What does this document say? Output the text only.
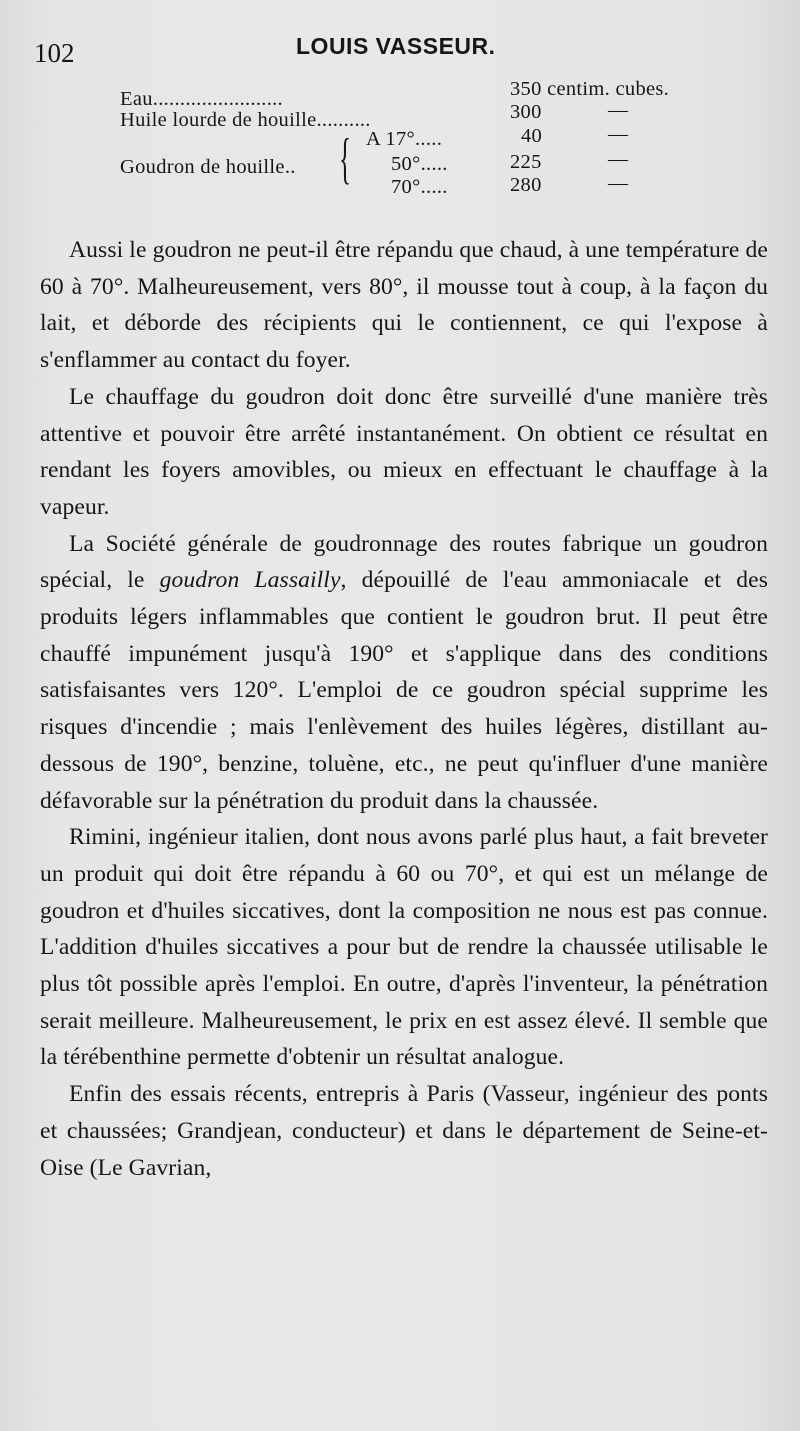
102	LOUIS VASSEUR.
Eau........................	350 centim. cubes.
Huile lourde de houille..........	300	—
Goudron de houille.. { A 17°.....	40	—
50°.....	225	—
70°.....	280	—

Aussi le goudron ne peut-il être répandu que chaud, à une température de 60 à 70°. Malheureusement, vers 80°, il mousse tout à coup, à la façon du lait, et déborde des récipients qui le contiennent, ce qui l'expose à s'enflammer au contact du foyer.

Le chauffage du goudron doit donc être surveillé d'une manière très attentive et pouvoir être arrêté instantanément. On obtient ce résultat en rendant les foyers amovibles, ou mieux en effectuant le chauffage à la vapeur.

La Société générale de goudronnage des routes fabrique un goudron spécial, le goudron Lassailly, dépouillé de l'eau ammoniacale et des produits légers inflammables que contient le goudron brut. Il peut être chauffé impunément jusqu'à 190° et s'applique dans des conditions satisfaisantes vers 120°. L'emploi de ce goudron spécial supprime les risques d'incendie ; mais l'enlèvement des huiles légères, distillant au-dessous de 190°, benzine, toluène, etc., ne peut qu'influer d'une manière défavorable sur la pénétration du produit dans la chaussée.

Rimini, ingénieur italien, dont nous avons parlé plus haut, a fait breveter un produit qui doit être répandu à 60 ou 70°, et qui est un mélange de goudron et d'huiles siccatives, dont la composition ne nous est pas connue. L'addition d'huiles siccatives a pour but de rendre la chaussée utilisable le plus tôt possible après l'emploi. En outre, d'après l'inventeur, la pénétration serait meilleure. Malheureusement, le prix en est assez élevé. Il semble que la térébenthine permette d'obtenir un résultat analogue.

Enfin des essais récents, entrepris à Paris (Vasseur, ingénieur des ponts et chaussées; Grandjean, conducteur) et dans le département de Seine-et-Oise (Le Gavrian,
